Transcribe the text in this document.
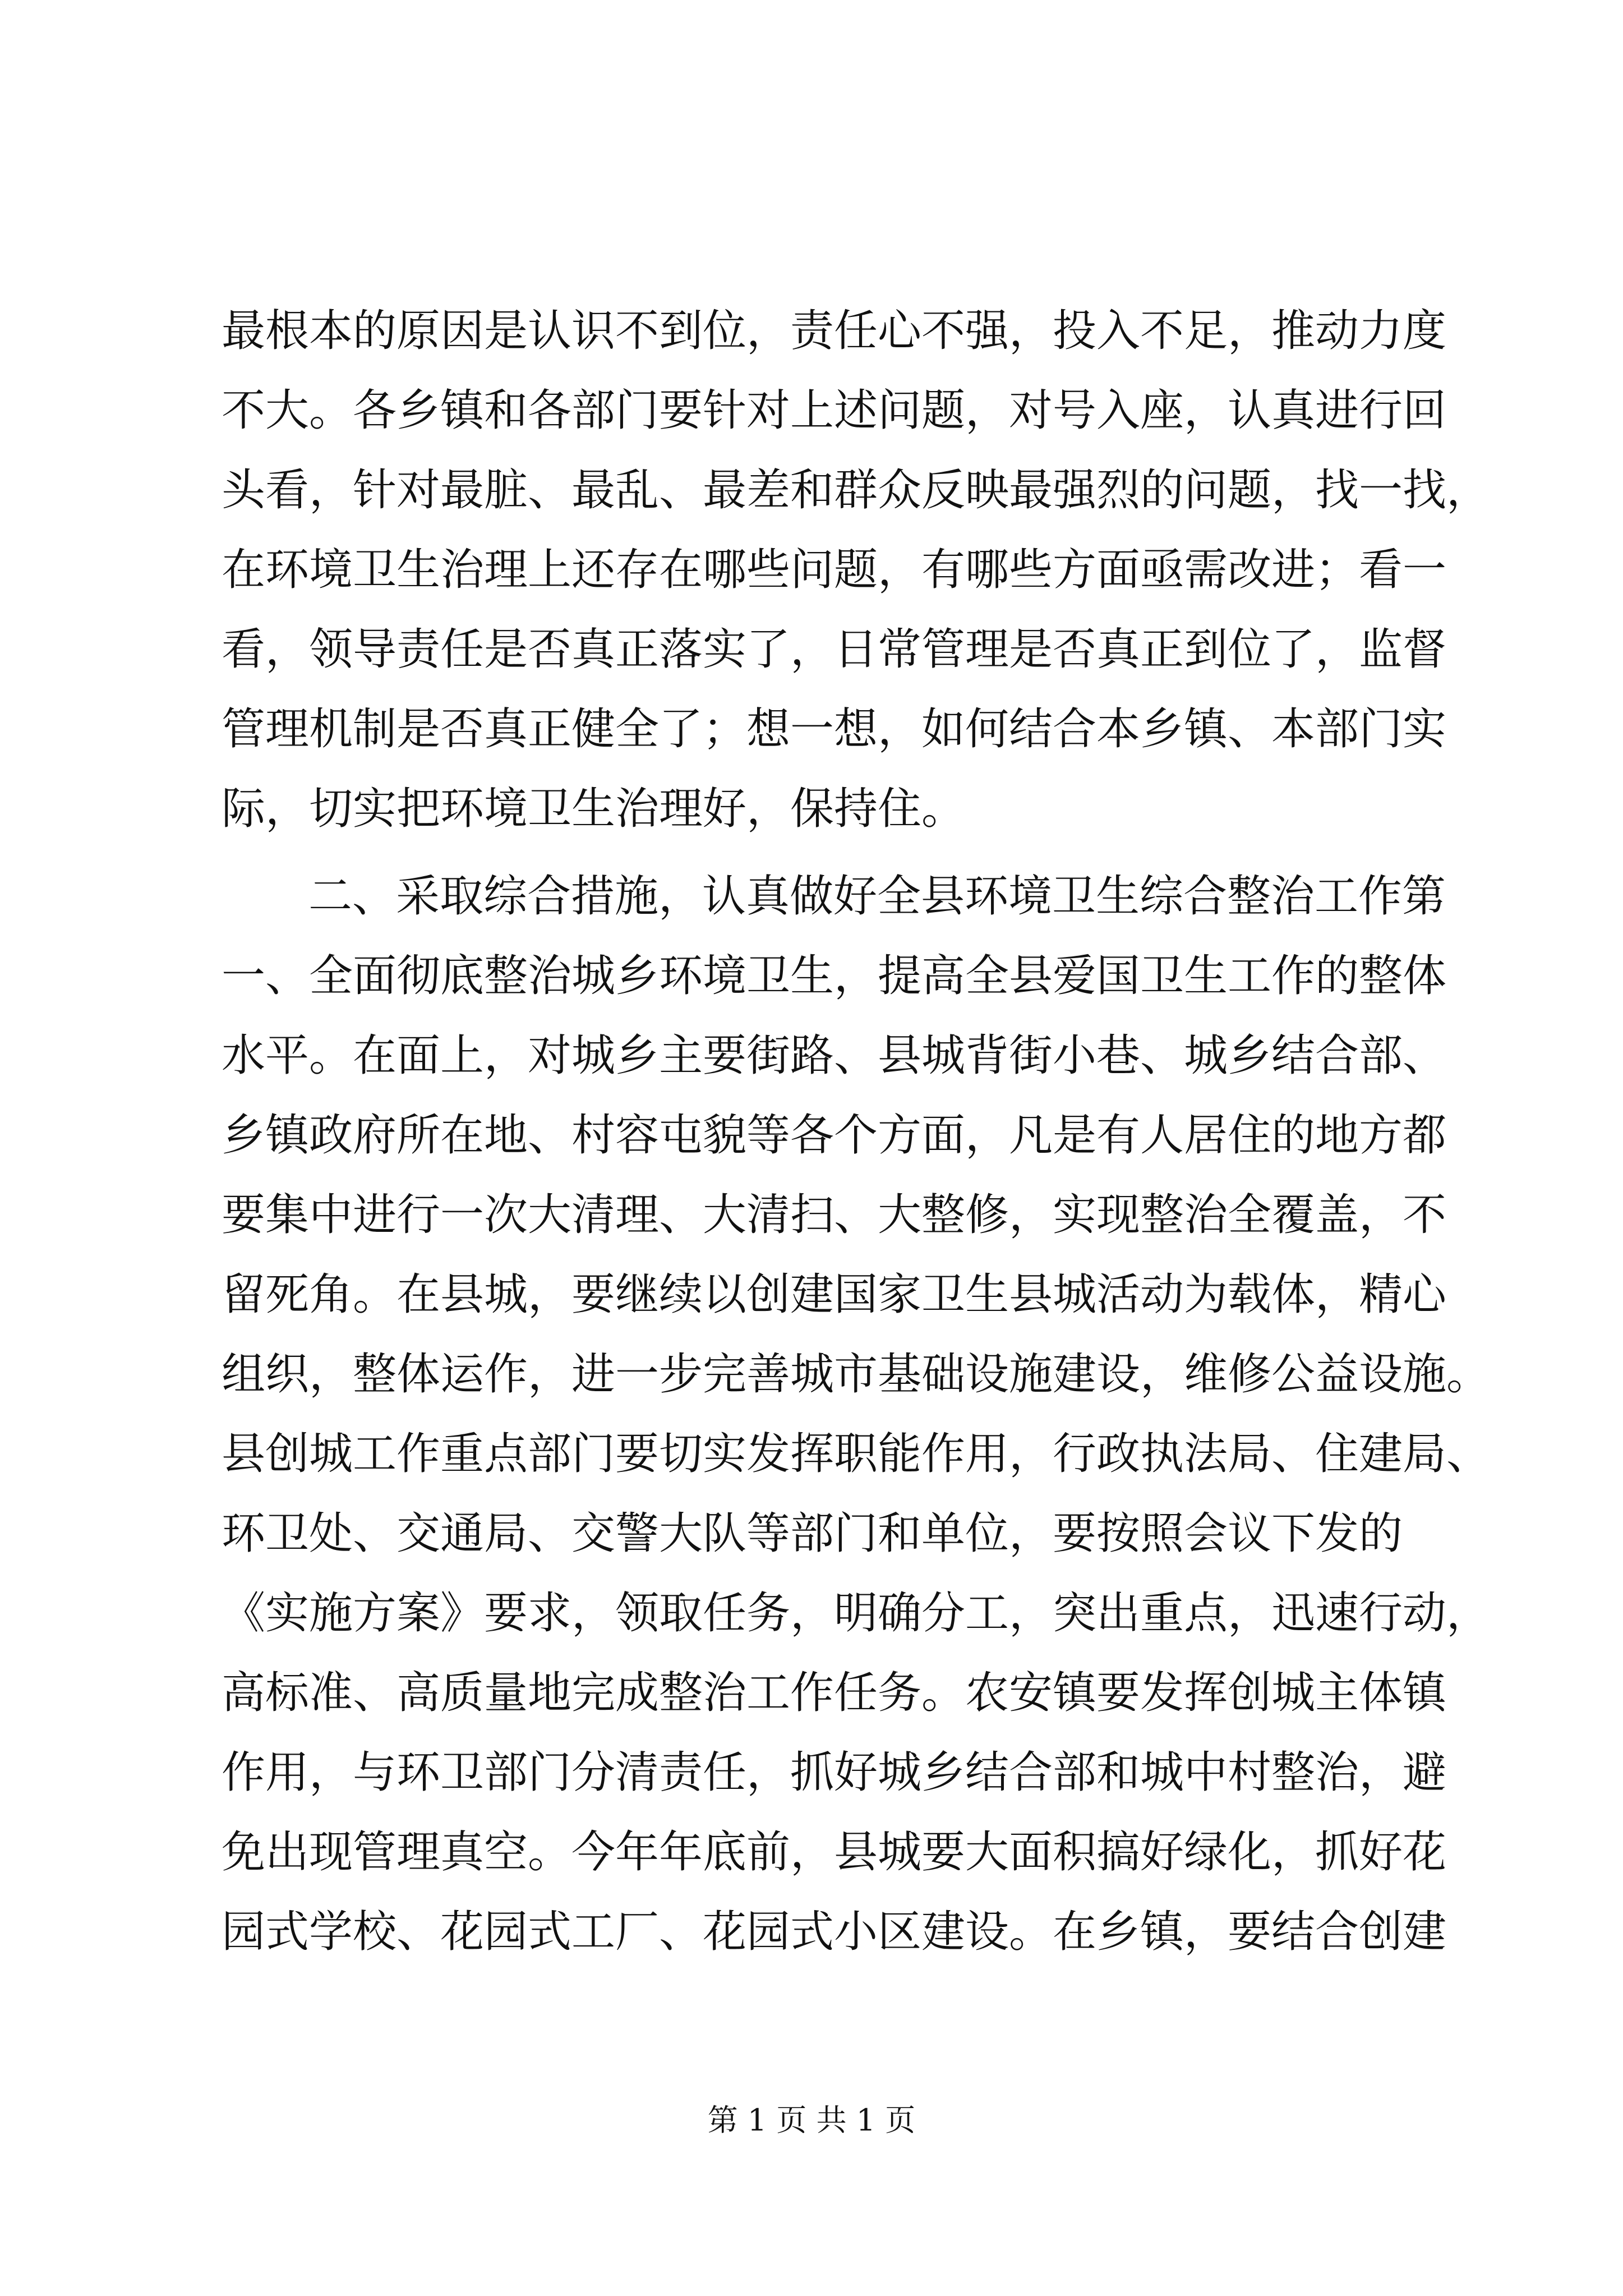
最根本的原因是认识不到位，责任心不强，投入不足，推动力度
不大。各乡镇和各部门要针对上述问题，对号入座，认真进行回
头看，针对最脏、最乱、最差和群众反映最强烈的问题，找一找，
在环境卫生治理上还存在哪些问题，有哪些方面亟需改进；看一
看，领导责任是否真正落实了，日常管理是否真正到位了，监督
管理机制是否真正健全了；想一想，如何结合本乡镇、本部门实
际，切实把环境卫生治理好，保持住。
二、采取综合措施，认真做好全县环境卫生综合整治工作第
一、全面彻底整治城乡环境卫生，提高全县爱国卫生工作的整体
水平。在面上，对城乡主要街路、县城背街小巷、城乡结合部、
乡镇政府所在地、村容屯貌等各个方面，凡是有人居住的地方都
要集中进行一次大清理、大清扫、大整修，实现整治全覆盖，不
留死角。在县城，要继续以创建国家卫生县城活动为载体，精心
组织，整体运作，进一步完善城市基础设施建设，维修公益设施。
县创城工作重点部门要切实发挥职能作用，行政执法局、住建局、
环卫处、交通局、交警大队等部门和单位，要按照会议下发的
《实施方案》要求，领取任务，明确分工，突出重点，迅速行动，
高标准、高质量地完成整治工作任务。农安镇要发挥创城主体镇
作用，与环卫部门分清责任，抓好城乡结合部和城中村整治，避
免出现管理真空。今年年底前，县城要大面积搞好绿化，抓好花
园式学校、花园式工厂、花园式小区建设。在乡镇，要结合创建
第 1 页 共 1 页
